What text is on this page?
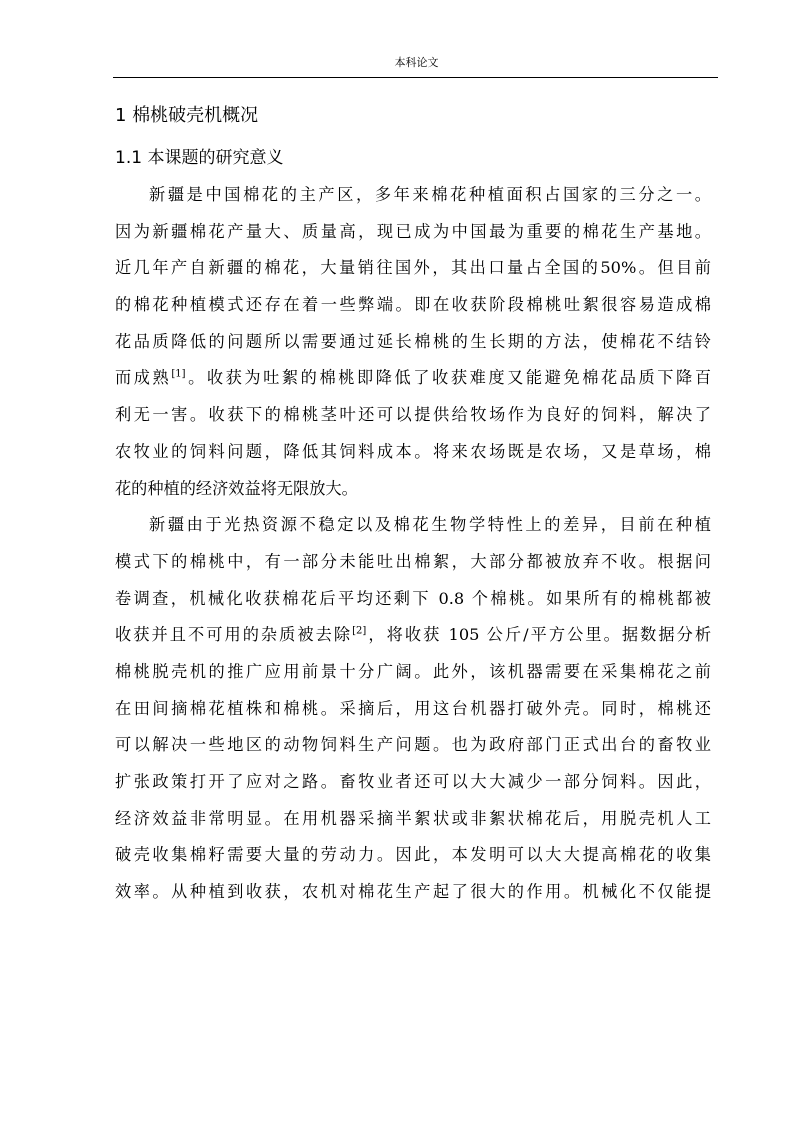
本科论文
1 棉桃破壳机概况
1.1 本课题的研究意义
新疆是中国棉花的主产区，多年来棉花种植面积占国家的三分之一。
因为新疆棉花产量大、质量高，现已成为中国最为重要的棉花生产基地。
近几年产自新疆的棉花，大量销往国外，其出口量占全国的50%。但目前
的棉花种植模式还存在着一些弊端。即在收获阶段棉桃吐絮很容易造成棉
花品质降低的问题所以需要通过延长棉桃的生长期的方法，使棉花不结铃
而成熟[1]。收获为吐絮的棉桃即降低了收获难度又能避免棉花品质下降百
利无一害。收获下的棉桃茎叶还可以提供给牧场作为良好的饲料，解决了
农牧业的饲料问题，降低其饲料成本。将来农场既是农场，又是草场，棉
花的种植的经济效益将无限放大。
新疆由于光热资源不稳定以及棉花生物学特性上的差异，目前在种植
模式下的棉桃中，有一部分未能吐出棉絮，大部分都被放弃不收。根据问
卷调查，机械化收获棉花后平均还剩下 0.8 个棉桃。如果所有的棉桃都被
收获并且不可用的杂质被去除[2]，将收获 105 公斤/平方公里。据数据分析
棉桃脱壳机的推广应用前景十分广阔。此外，该机器需要在采集棉花之前
在田间摘棉花植株和棉桃。采摘后，用这台机器打破外壳。同时，棉桃还
可以解决一些地区的动物饲料生产问题。也为政府部门正式出台的畜牧业
扩张政策打开了应对之路。畜牧业者还可以大大减少一部分饲料。因此，
经济效益非常明显。在用机器采摘半絮状或非絮状棉花后，用脱壳机人工
破壳收集棉籽需要大量的劳动力。因此，本发明可以大大提高棉花的收集
效率。从种植到收获，农机对棉花生产起了很大的作用。机械化不仅能提
